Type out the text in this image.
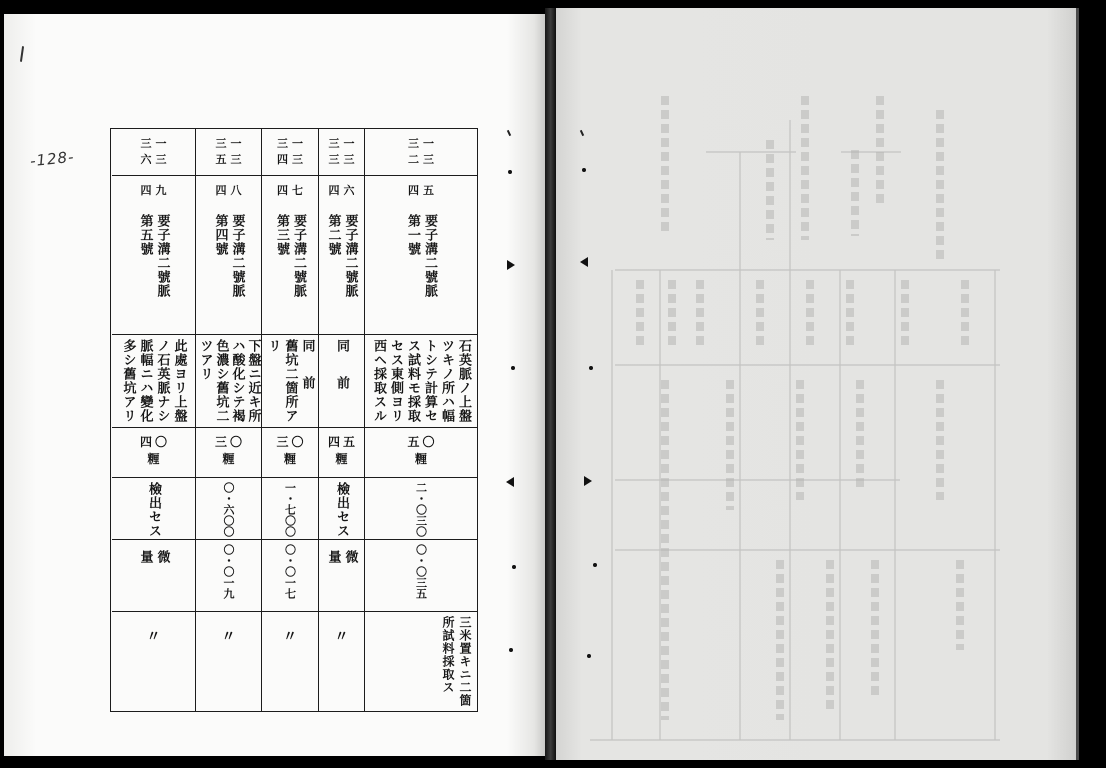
-128-
三一
二三
四五
要子溝二號脈
第一號
石英脈ノ上盤
ツキノ所ハ幅
トシテ計算セ
ス試料モ採取
セス東側ヨリ
西ヘ採取スル
五〇
糎
二・〇三〇
〇・〇三五
三米置キニ二箇
所試料採取ス
三一
三三
四六
要子溝二號脈
第二號
同前
四五
糎
檢出セス
微量
〃
三一
四三
四七
要子溝二號脈
第三號
同前
舊坑二箇所ア
リ
三〇
糎
一・七〇〇
〇・〇一七
〃
三一
五三
四八
要子溝二號脈
第四號
下盤ニ近キ所
ハ酸化シテ褐
色濃シ舊坑二
ツアリ
三〇
糎
〇・六〇〇
〇・〇一九
〃
三一
六三
四九
要子溝二號脈
第五號
此處ヨリ上盤
ノ石英脈ナシ
脈幅ニハ變化
多シ舊坑アリ
四〇
糎
檢出セス
微量
〃
